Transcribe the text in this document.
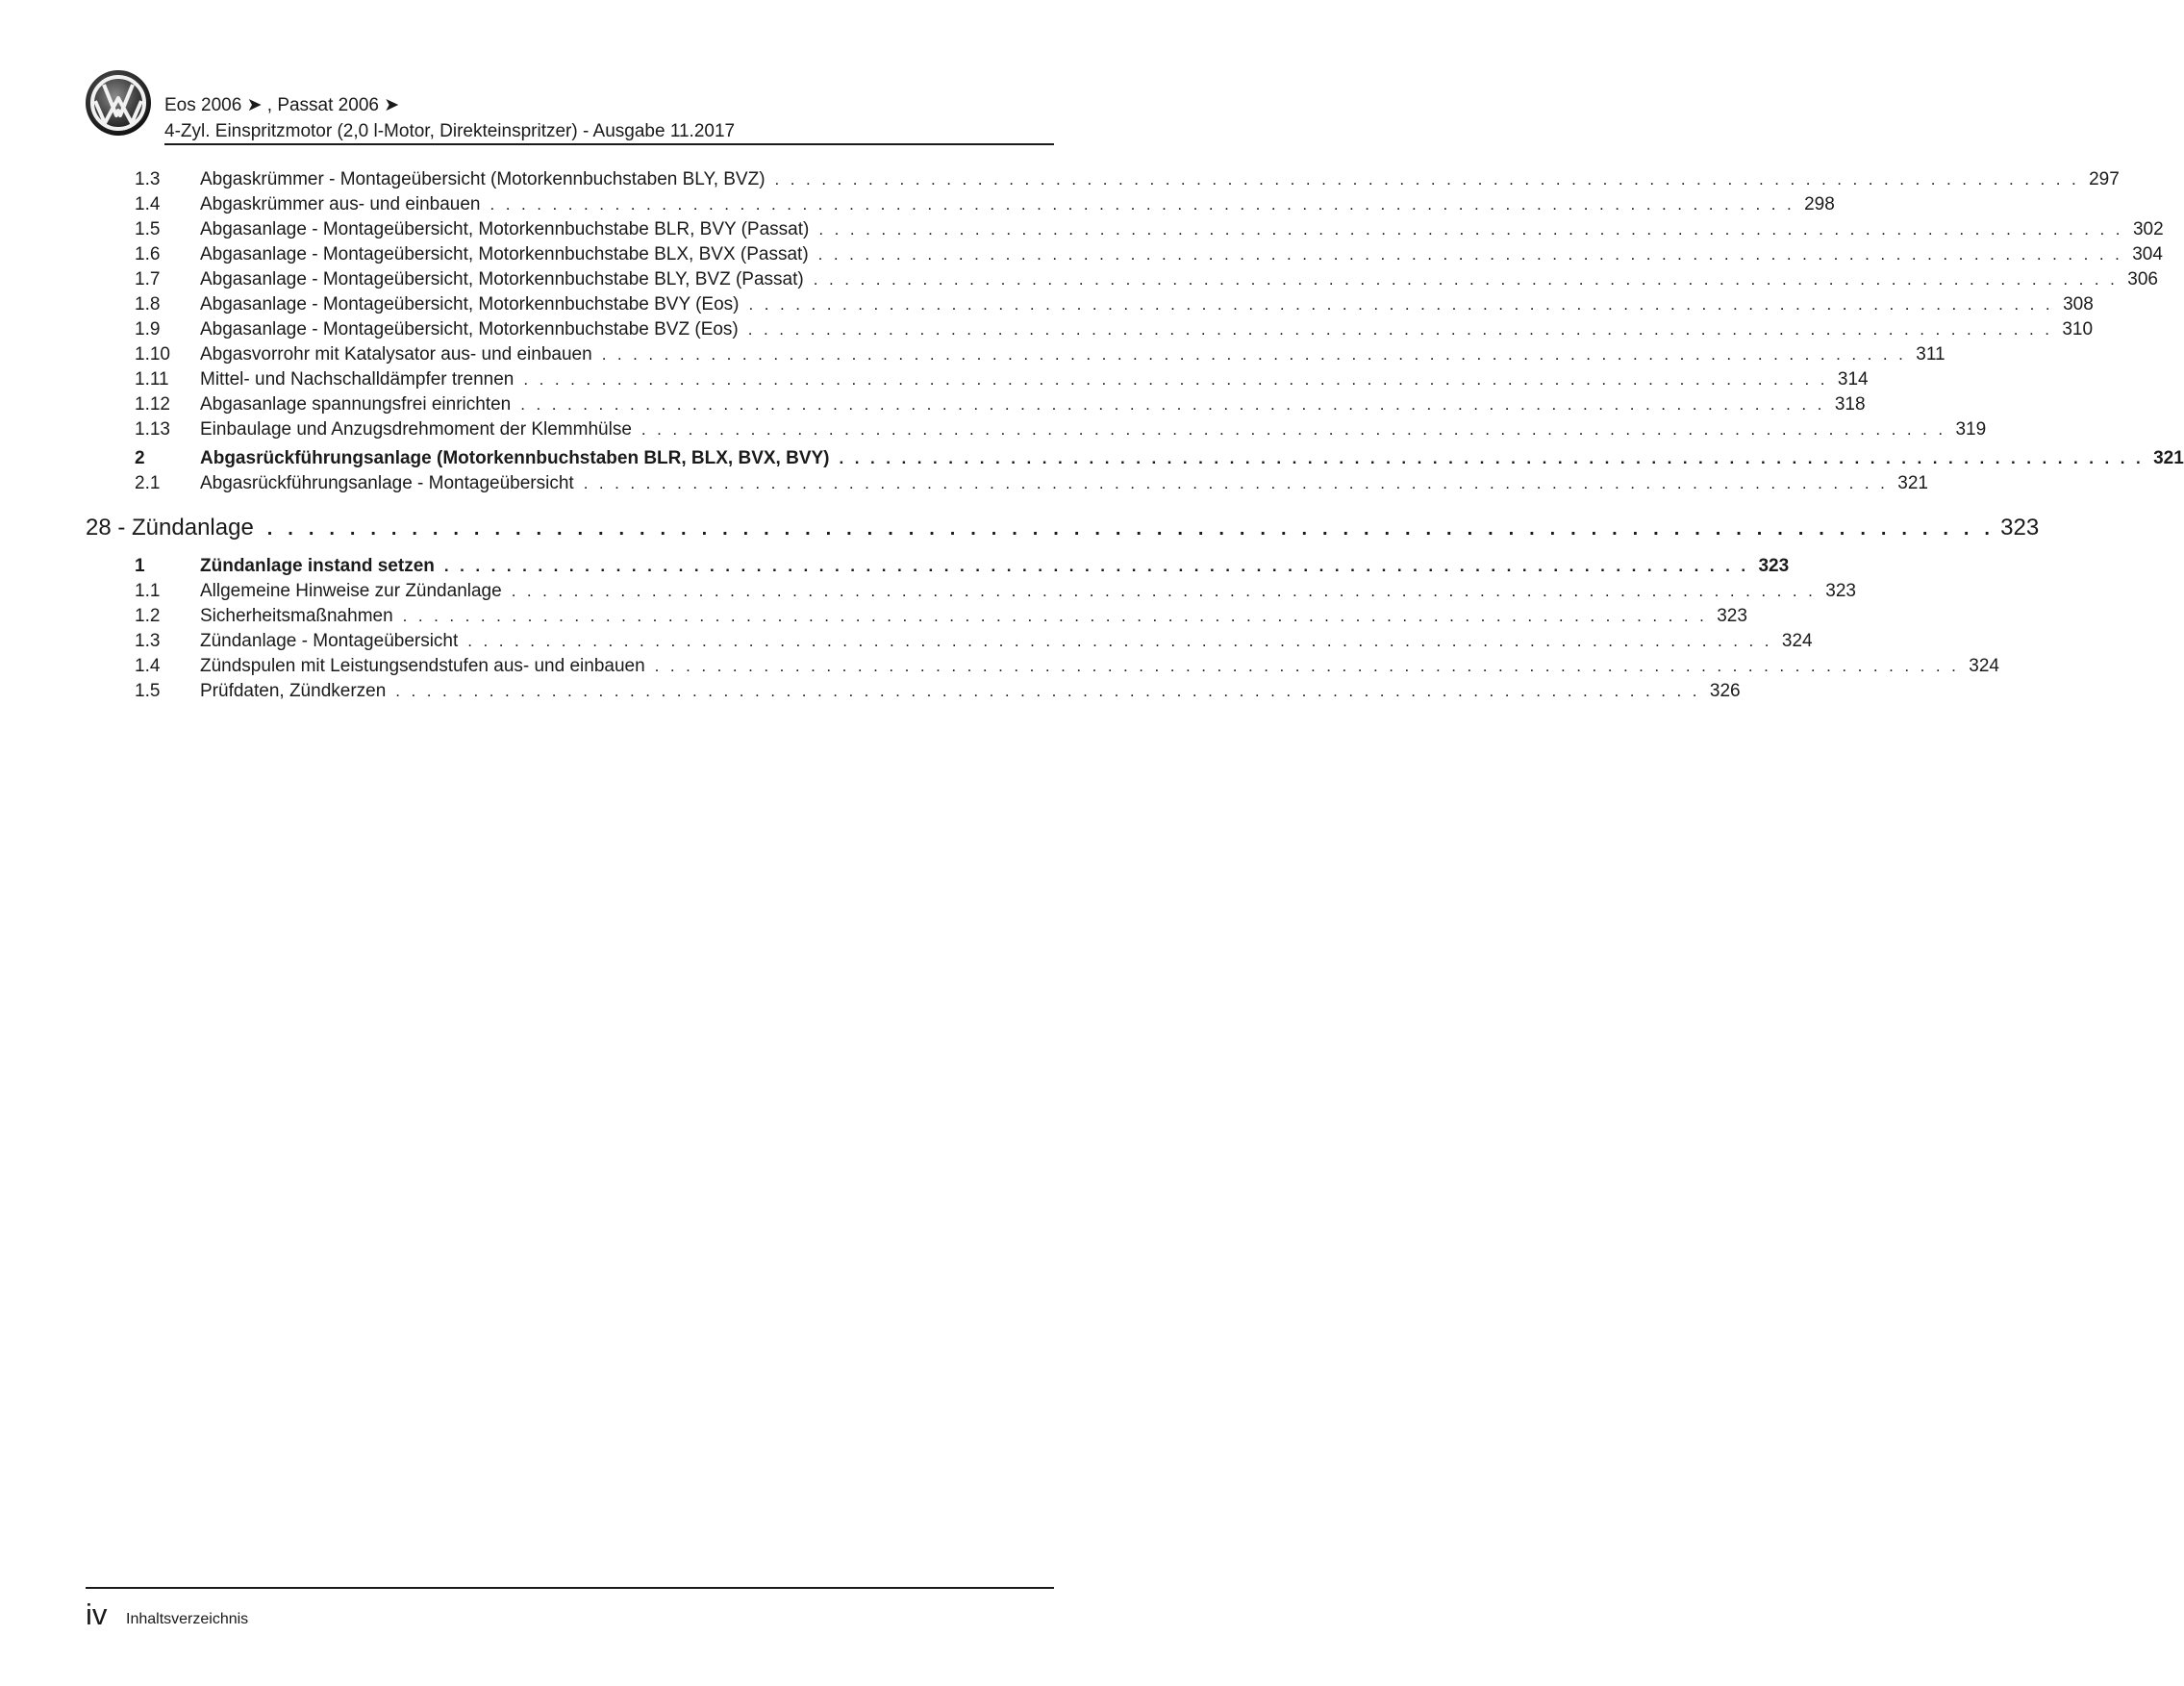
Eos 2006 ➤ , Passat 2006 ➤
4-Zyl. Einspritzmotor (2,0 l-Motor, Direkteinspritzer) - Ausgabe 11.2017
1.3 Abgaskrümmer - Montageübersicht (Motorkennbuchstaben BLY, BVZ) . . . . . . . . . . . . . . . . . . . . . . . . . . . . . . . . . . . . . . . . . . . . . . . . . . . . . . . . . . . . . . . . . . . . . . . . . . . . . . . . . . . . 297
1.4 Abgaskrümmer aus- und einbauen . . . . . . . . . . . . . . . . . . . . . . . . . . . . . . . . . . . . . . . . . . . . . . . . . . . . . . . . . . . . . . . . . . . . . . . . . . . . . . . . . . . . 298
1.5 Abgasanlage - Montageübersicht, Motorkennbuchstabe BLR, BVY (Passat) . . . . . . . . . . . . . . . . . . . . . . . . . . . . . . . . . . . . . . . . . . . . . . . . . . . . . . . . . . . . . . . . . . . . . . . . . . . . . . . . . . . . 302
1.6 Abgasanlage - Montageübersicht, Motorkennbuchstabe BLX, BVX (Passat) . . . . . . . . . . . . . . . . . . . . . . . . . . . . . . . . . . . . . . . . . . . . . . . . . . . . . . . . . . . . . . . . . . . . . . . . . . . . . . . . . . . . 304
1.7 Abgasanlage - Montageübersicht, Motorkennbuchstabe BLY, BVZ (Passat) . . . . . . . . . . . . . . . . . . . . . . . . . . . . . . . . . . . . . . . . . . . . . . . . . . . . . . . . . . . . . . . . . . . . . . . . . . . . . . . . . . . . 306
1.8 Abgasanlage - Montageübersicht, Motorkennbuchstabe BVY (Eos) . . . . . . . . . . . . . . . . . . . . . . . . . . . . . . . . . . . . . . . . . . . . . . . . . . . . . . . . . . . . . . . . . . . . . . . . . . . . . . . . . . . . 308
1.9 Abgasanlage - Montageübersicht, Motorkennbuchstabe BVZ (Eos) . . . . . . . . . . . . . . . . . . . . . . . . . . . . . . . . . . . . . . . . . . . . . . . . . . . . . . . . . . . . . . . . . . . . . . . . . . . . . . . . . . . . 310
1.10 Abgasvorrohr mit Katalysator aus- und einbauen . . . . . . . . . . . . . . . . . . . . . . . . . . . . . . . . . . . . . . . . . . . . . . . . . . . . . . . . . . . . . . . . . . . . . . . . . . . . . . . . . . . . 311
1.11 Mittel- und Nachschalldämpfer trennen . . . . . . . . . . . . . . . . . . . . . . . . . . . . . . . . . . . . . . . . . . . . . . . . . . . . . . . . . . . . . . . . . . . . . . . . . . . . . . . . . . . . 314
1.12 Abgasanlage spannungsfrei einrichten . . . . . . . . . . . . . . . . . . . . . . . . . . . . . . . . . . . . . . . . . . . . . . . . . . . . . . . . . . . . . . . . . . . . . . . . . . . . . . . . . . . . 318
1.13 Einbaulage und Anzugsdrehmoment der Klemmhülse . . . . . . . . . . . . . . . . . . . . . . . . . . . . . . . . . . . . . . . . . . . . . . . . . . . . . . . . . . . . . . . . . . . . . . . . . . . . . . . . . . . . 319
2	Abgasrückführungsanlage (Motorkennbuchstaben BLR, BLX, BVX, BVY) . . . . . . . . . . . . . . . . . . . . . . . . . . . . . . . . . . . . . . . . . . . . . . . . . . . . . . . . . . . . . . . . . . . . . . . . . . . . . . . . . . . . 321
2.1 Abgasrückführungsanlage - Montageübersicht . . . . . . . . . . . . . . . . . . . . . . . . . . . . . . . . . . . . . . . . . . . . . . . . . . . . . . . . . . . . . . . . . . . . . . . . . . . . . . . . . . . . 321
28 - Zündanlage . . . . . . . . . . . . . . . . . . . . . . . . . . . . . . . . . . . . . . . . . . . . . . . . . . . . . . . . . . . . . . . . . . . . . . . . . . . . . . . . . . . . 323
1	Zündanlage instand setzen . . . . . . . . . . . . . . . . . . . . . . . . . . . . . . . . . . . . . . . . . . . . . . . . . . . . . . . . . . . . . . . . . . . . . . . . . . . . . . . . . . . . 323
1.1 Allgemeine Hinweise zur Zündanlage . . . . . . . . . . . . . . . . . . . . . . . . . . . . . . . . . . . . . . . . . . . . . . . . . . . . . . . . . . . . . . . . . . . . . . . . . . . . . . . . . . . . 323
1.2 Sicherheitsmaßnahmen . . . . . . . . . . . . . . . . . . . . . . . . . . . . . . . . . . . . . . . . . . . . . . . . . . . . . . . . . . . . . . . . . . . . . . . . . . . . . . . . . . . . 323
1.3 Zündanlage - Montageübersicht . . . . . . . . . . . . . . . . . . . . . . . . . . . . . . . . . . . . . . . . . . . . . . . . . . . . . . . . . . . . . . . . . . . . . . . . . . . . . . . . . . . . 324
1.4 Zündspulen mit Leistungsendstufen aus- und einbauen . . . . . . . . . . . . . . . . . . . . . . . . . . . . . . . . . . . . . . . . . . . . . . . . . . . . . . . . . . . . . . . . . . . . . . . . . . . . . . . . . . . . 324
1.5 Prüfdaten, Zündkerzen . . . . . . . . . . . . . . . . . . . . . . . . . . . . . . . . . . . . . . . . . . . . . . . . . . . . . . . . . . . . . . . . . . . . . . . . . . . . . . . . . . . . 326
iv Inhaltsverzeichnis
